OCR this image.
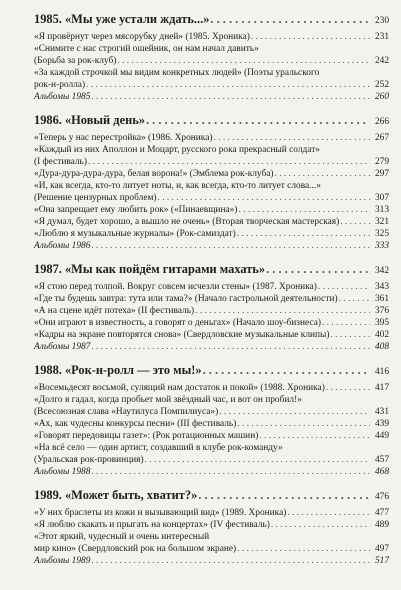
1985. «Мы уже устали ждать...» . . .	230
«Я провёрнут через мясорубку дней» (1985. Хроника) . . .	231
«Снимите с нас строгий ошейник, он нам начал давить»
(Борьба за рок-клуб) . . .	242
«За каждой строчкой мы видим конкретных людей» (Поэты уральского
рок-н-ролла) . . .	252
Альбомы 1985 . . .	260
1986. «Новый день» . . .	266
«Теперь у нас перестройка» (1986. Хроника) . . .	267
«Каждый из них Аполлон и Моцарт, русского рока прекрасный солдат»
(I фестиваль) . . .	279
«Дура-дура-дура-дура, белая ворона!» (Эмблема рок-клуба) . . .	297
«И, как всегда, кто-то литует ноты, и, как всегда, кто-то литует слова...»
(Решение цензурных проблем) . . .	307
«Она запрещает ему любить рок» («Пинаевщина») . . .	313
«Я думал, будет хорошо, а вышло не очень» (Вторая творческая мастерская) . . .	321
«Люблю я музыкальные журналы» (Рок-самиздат) . . .	325
Альбомы 1986 . . .	333
1987. «Мы как пойдём гитарами махать» . . .	342
«Я стою перед толпой. Вокруг совсем исчезли стены» (1987. Хроника) . . .	343
«Где ты будешь завтра: тута или тама?» (Начало гастрольной деятельности) . . .	361
«А на сцене идёт потеха» (II фестиваль) . . .	376
«Они играют в известность, а говорят о деньгах» (Начало шоу-бизнеса) . . .	395
«Кадры на экране повторятся снова» (Свердловские музыкальные клипы) . . .	402
Альбомы 1987 . . .	408
1988. «Рок-н-ролл — это мы!» . . .	416
«Восемьдесят восьмой, сулящий нам достаток и покой» (1988. Хроника) . . .	417
«Долго я гадал, когда пробьет мой звёздный час, и вот он пробил!»
(Всесоюзная слава «Наутилуса Помпилиуса») . . .	431
«Ах, как чудесны конкурсы песни» (III фестиваль) . . .	439
«Говорят передовицы газет»: (Рок ротационных машин) . . .	449
«На всё село — один артист, создавший в клубе рок-команду»
(Уральская рок-провинция) . . .	457
Альбомы 1988 . . .	468
1989. «Может быть, хватит?» . . .	476
«У них браслеты из кожи и вызывающий вид» (1989. Хроника) . . .	477
«Я люблю скакать и прыгать на концертах» (IV фестиваль) . . .	489
«Этот яркий, чудесный и очень интересный
мир кино» (Свердловский рок на большом экране) . . .	497
Альбомы 1989 . . .	517
